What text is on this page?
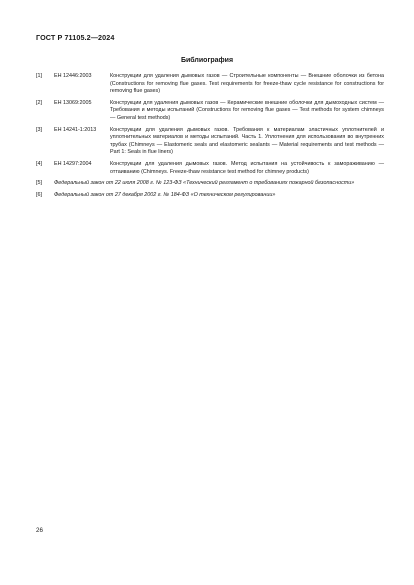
ГОСТ Р 71105.2—2024
Библиография
[1]	ЕН 12446:2003	Конструкции для удаления дымовых газов — Строительные компоненты — Внешние оболочки из бетона (Constructions for removing flue gases. Test requirements for freeze-thaw cycle resistance for constructions for removing flue gases)
[2]	ЕН 13069:2005	Конструкции для удаления дымовых газов — Керамические внешние оболочки для дымоходных систем — Требования и методы испытаний (Constructions for removing flue gases — Test methods for system chimneys — General test methods)
[3]	ЕН 14241-1:2013	Конструкции для удаления дымовых газов. Требования к материалам эластичных уплотнителей и уплотнительных материалов и методы испытаний. Часть 1. Уплотнения для использования во внутренних трубах (Chimneys — Elastomeric seals and elastomeric sealants — Material requirements and test methods — Part 1: Seals in flue liners)
[4]	ЕН 14297:2004	Конструкции для удаления дымовых газов. Метод испытания на устойчивость к замораживанию — оттаиванию (Chimneys. Freeze-thaw resistance test method for chimney products)
[5]	Федеральный закон от 22 июля 2008 г. № 123-ФЗ «Технический регламент о требованиях пожарной безопасности»
[6]	Федеральный закон от 27 декабря 2002 г. № 184-ФЗ «О техническом регулировании»
26
